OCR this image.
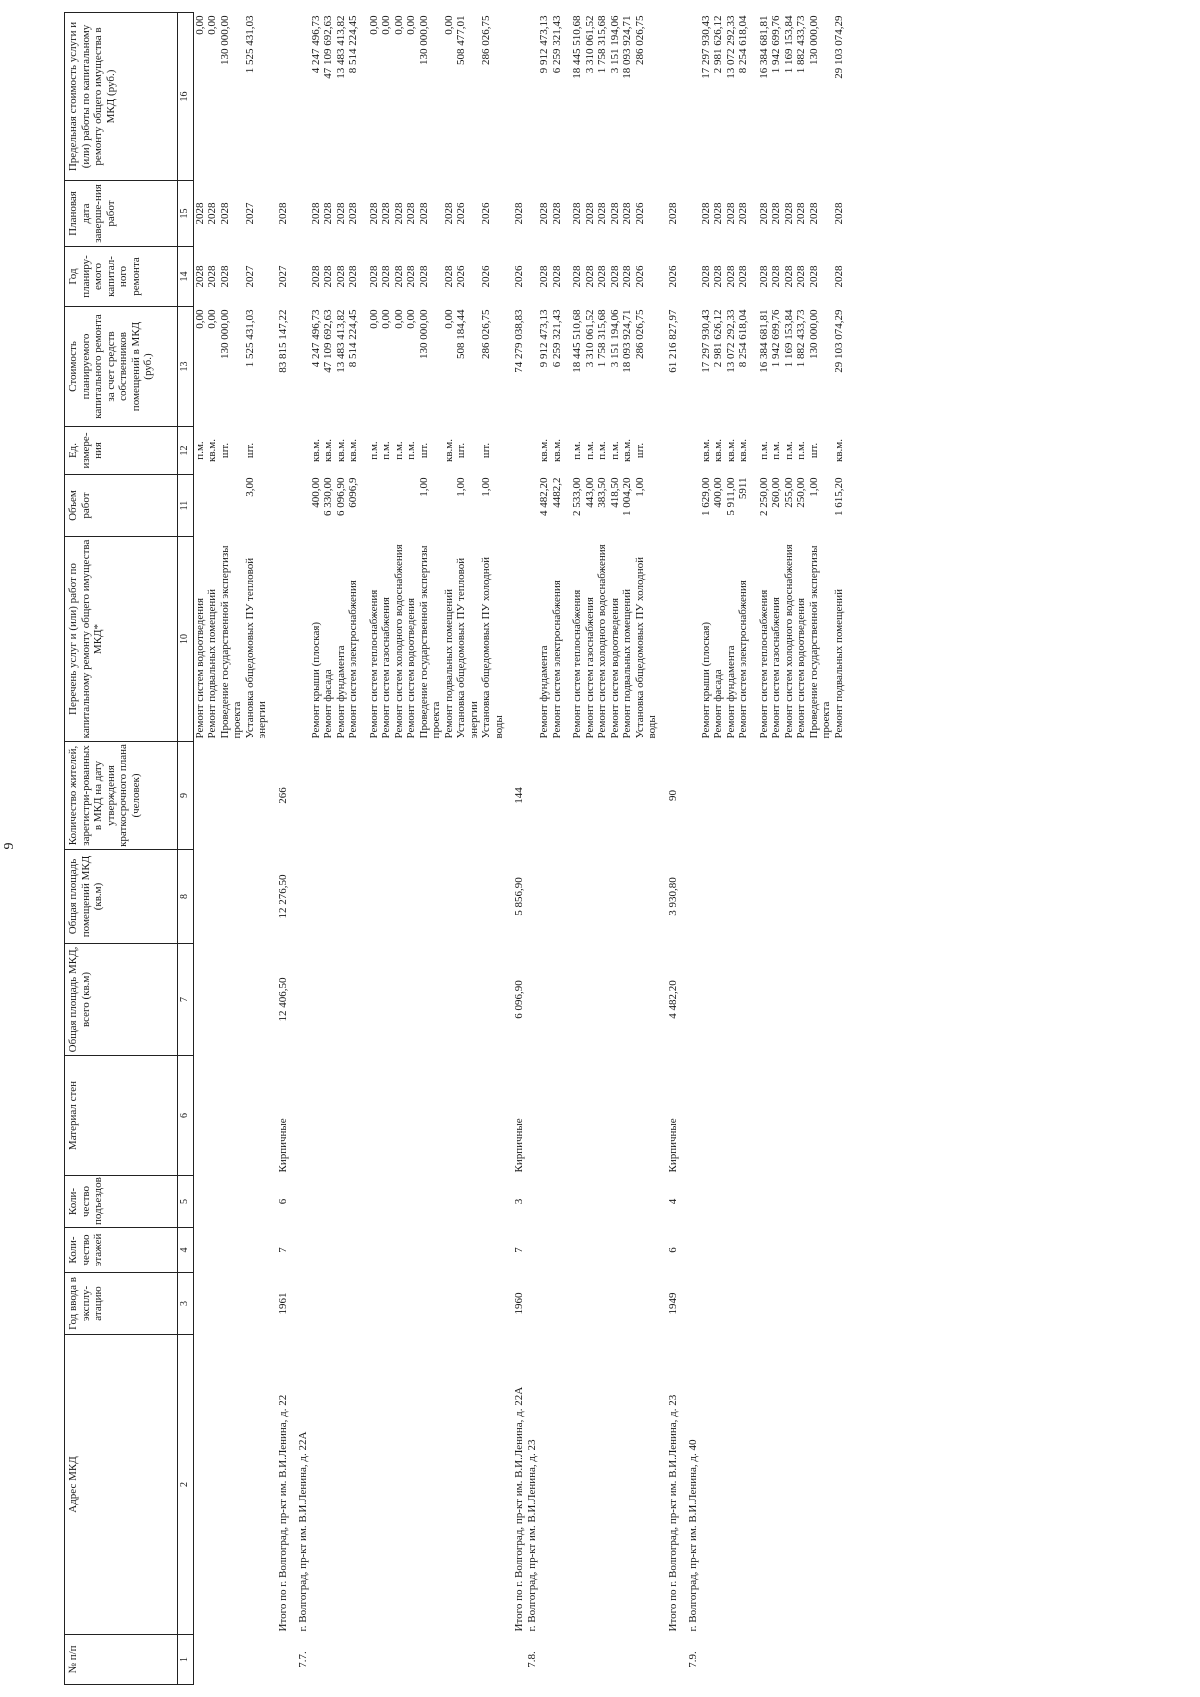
9
№ п/п	Адрес МКД	Год ввода в эксплу-атацию	Коли-чество этажей	Коли-чество подъездов	Материал стен	Общая площадь МКД, всего (кв.м)	Общая площадь помещений МКД (кв.м)	Количество жителей, зарегистри-рованных в МКД на дату утверждения краткосрочного плана (человек)	Перечень услуг и (или) работ по капитальному ремонту общего имущества МКД*	Объем работ	Ед. измере-ния	Стоимость планируемого капитального ремонта за счет средств собственников помещений в МКД (руб.)	Год планиру-емого капитал-ного ремонта	Плановая дата заверше-ния работ	Предельная стоимость услуги и (или) работы по капитальному ремонту общего имущества в МКД (руб.)
1	2	3	4	5	6	7	8	9	10	11	12	13	14	15	16
									Ремонт систем водоотведения		п.м.	0,00	2028	2028	0,00
									Ремонт подвальных помещений		кв.м.	0,00	2028	2028	0,00
									Проведение государственной экспертизы проекта		шт.	130 000,00	2028	2028	130 000,00
									Установка общедомовых ПУ тепловой энергии	3,00	шт.	1 525 431,03	2027	2027	1 525 431,03

	Итого по г. Волгоград, пр-кт им. В.И.Ленина, д. 22	1961	7	6	Кирпичные	12 406,50	12 276,50	266				83 815 147,22	2027	2028	

7.7.	г. Волгоград, пр-кт им. В.И.Ленина, д. 22А														
									Ремонт крыши (плоская)	400,00	кв.м.	4 247 496,73	2028	2028	4 247 496,73
									Ремонт фасада	6 330,00	кв.м.	47 109 692,63	2028	2028	47 109 692,63
									Ремонт фундамента	6 096,90	кв.м.	13 483 413,82	2028	2028	13 483 413,82
									Ремонт систем электроснабжения	6096,9	кв.м.	8 514 224,45	2028	2028	8 514 224,45

									Ремонт систем теплоснабжения		п.м.	0,00	2028	2028	0,00
									Ремонт систем газоснабжения		п.м.	0,00	2028	2028	0,00
									Ремонт систем холодного водоснабжения		п.м.	0,00	2028	2028	0,00
									Ремонт систем водоотведения		п.м.	0,00	2028	2028	0,00
									Проведение государственной экспертизы проекта	1,00	шт.	130 000,00	2028	2028	130 000,00
									Ремонт подвальных помещений		кв.м.	0,00	2028	2028	0,00
									Установка общедомовых ПУ тепловой энергии	1,00	шт.	508 184,44	2026	2026	508 477,01
									Установка общедомовых ПУ холодной воды	1,00	шт.	286 026,75	2026	2026	286 026,75

	Итого по г. Волгоград, пр-кт им. В.И.Ленина, д. 22А	1960	7	3	Кирпичные	6 096,90	5 856,90	144				74 279 038,83	2026	2028	
7.8.	г. Волгоград, пр-кт им. В.И.Ленина, д. 23														
									Ремонт фундамента	4 482,20	кв.м.	9 912 473,13	2028	2028	9 912 473,13
									Ремонт систем электроснабжения	4482,2	кв.м.	6 259 321,43	2028	2028	6 259 321,43

									Ремонт систем теплоснабжения	2 533,00	п.м.	18 445 510,68	2028	2028	18 445 510,68
									Ремонт систем газоснабжения	443,00	п.м.	3 310 061,52	2028	2028	3 310 061,52
									Ремонт систем холодного водоснабжения	383,50	п.м.	1 758 315,68	2028	2028	1 758 315,68
									Ремонт систем водоотведения	418,50	п.м.	3 151 194,06	2028	2028	3 151 194,06
									Ремонт подвальных помещений	1 004,20	кв.м.	18 093 924,71	2028	2028	18 093 924,71
									Установка общедомовых ПУ холодной воды	1,00	шт.	286 026,75	2026	2026	286 026,75

	Итого по г. Волгоград, пр-кт им. В.И.Ленина, д. 23	1949	6	4	Кирпичные	4 482,20	3 930,80	90				61 216 827,97	2026	2028	

7.9.	г. Волгоград, пр-кт им. В.И.Ленина, д. 40														
									Ремонт крыши (плоская)	1 629,00	кв.м.	17 297 930,43	2028	2028	17 297 930,43
									Ремонт фасада	400,00	кв.м.	2 981 626,12	2028	2028	2 981 626,12
									Ремонт фундамента	5 911,00	кв.м.	13 072 292,33	2028	2028	13 072 292,33
									Ремонт систем электроснабжения	5911	кв.м.	8 254 618,04	2028	2028	8 254 618,04

									Ремонт систем теплоснабжения	2 250,00	п.м.	16 384 681,81	2028	2028	16 384 681,81
									Ремонт систем газоснабжения	260,00	п.м.	1 942 699,76	2028	2028	1 942 699,76
									Ремонт систем холодного водоснабжения	255,00	п.м.	1 169 153,84	2028	2028	1 169 153,84
									Ремонт систем водоотведения	250,00	п.м.	1 882 433,73	2028	2028	1 882 433,73
									Проведение государственной экспертизы проекта	1,00	шт.	130 000,00	2028	2028	130 000,00
									Ремонт подвальных помещений	1 615,20	кв.м.	29 103 074,29	2028	2028	29 103 074,29
